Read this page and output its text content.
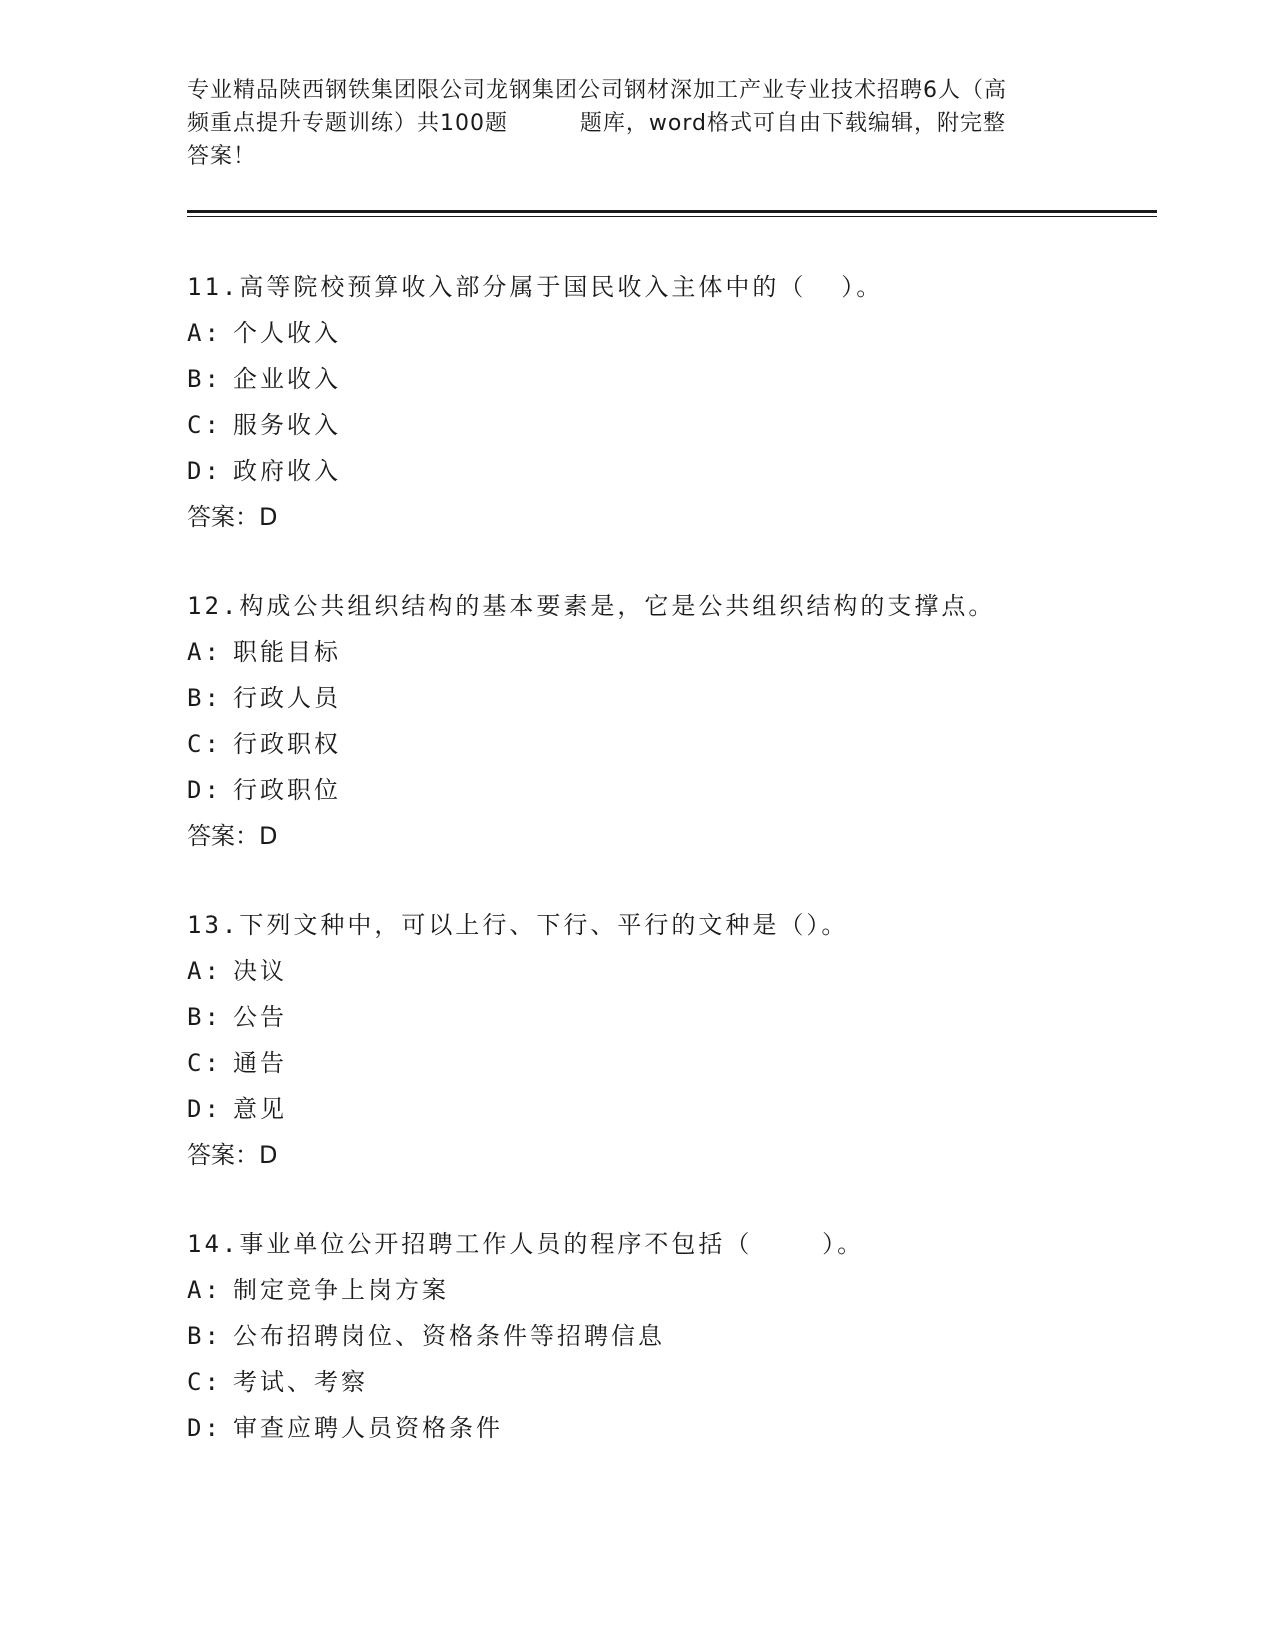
专业精品陕西钢铁集团限公司龙钢集团公司钢材深加工产业专业技术招聘6人（高
频重点提升专题训练）共100题         题库，word格式可自由下载编辑，附完整
答案！
11.高等院校预算收入部分属于国民收入主体中的（  ）。
A: 个人收入
B: 企业收入
C: 服务收入
D: 政府收入
答案：D
12.构成公共组织结构的基本要素是，它是公共组织结构的支撑点。
A: 职能目标
B: 行政人员
C: 行政职权
D: 行政职位
答案：D
13.下列文种中，可以上行、下行、平行的文种是（）。
A: 决议
B: 公告
C: 通告
D: 意见
答案：D
14.事业单位公开招聘工作人员的程序不包括（    ）。
A: 制定竞争上岗方案
B: 公布招聘岗位、资格条件等招聘信息
C: 考试、考察
D: 审查应聘人员资格条件
